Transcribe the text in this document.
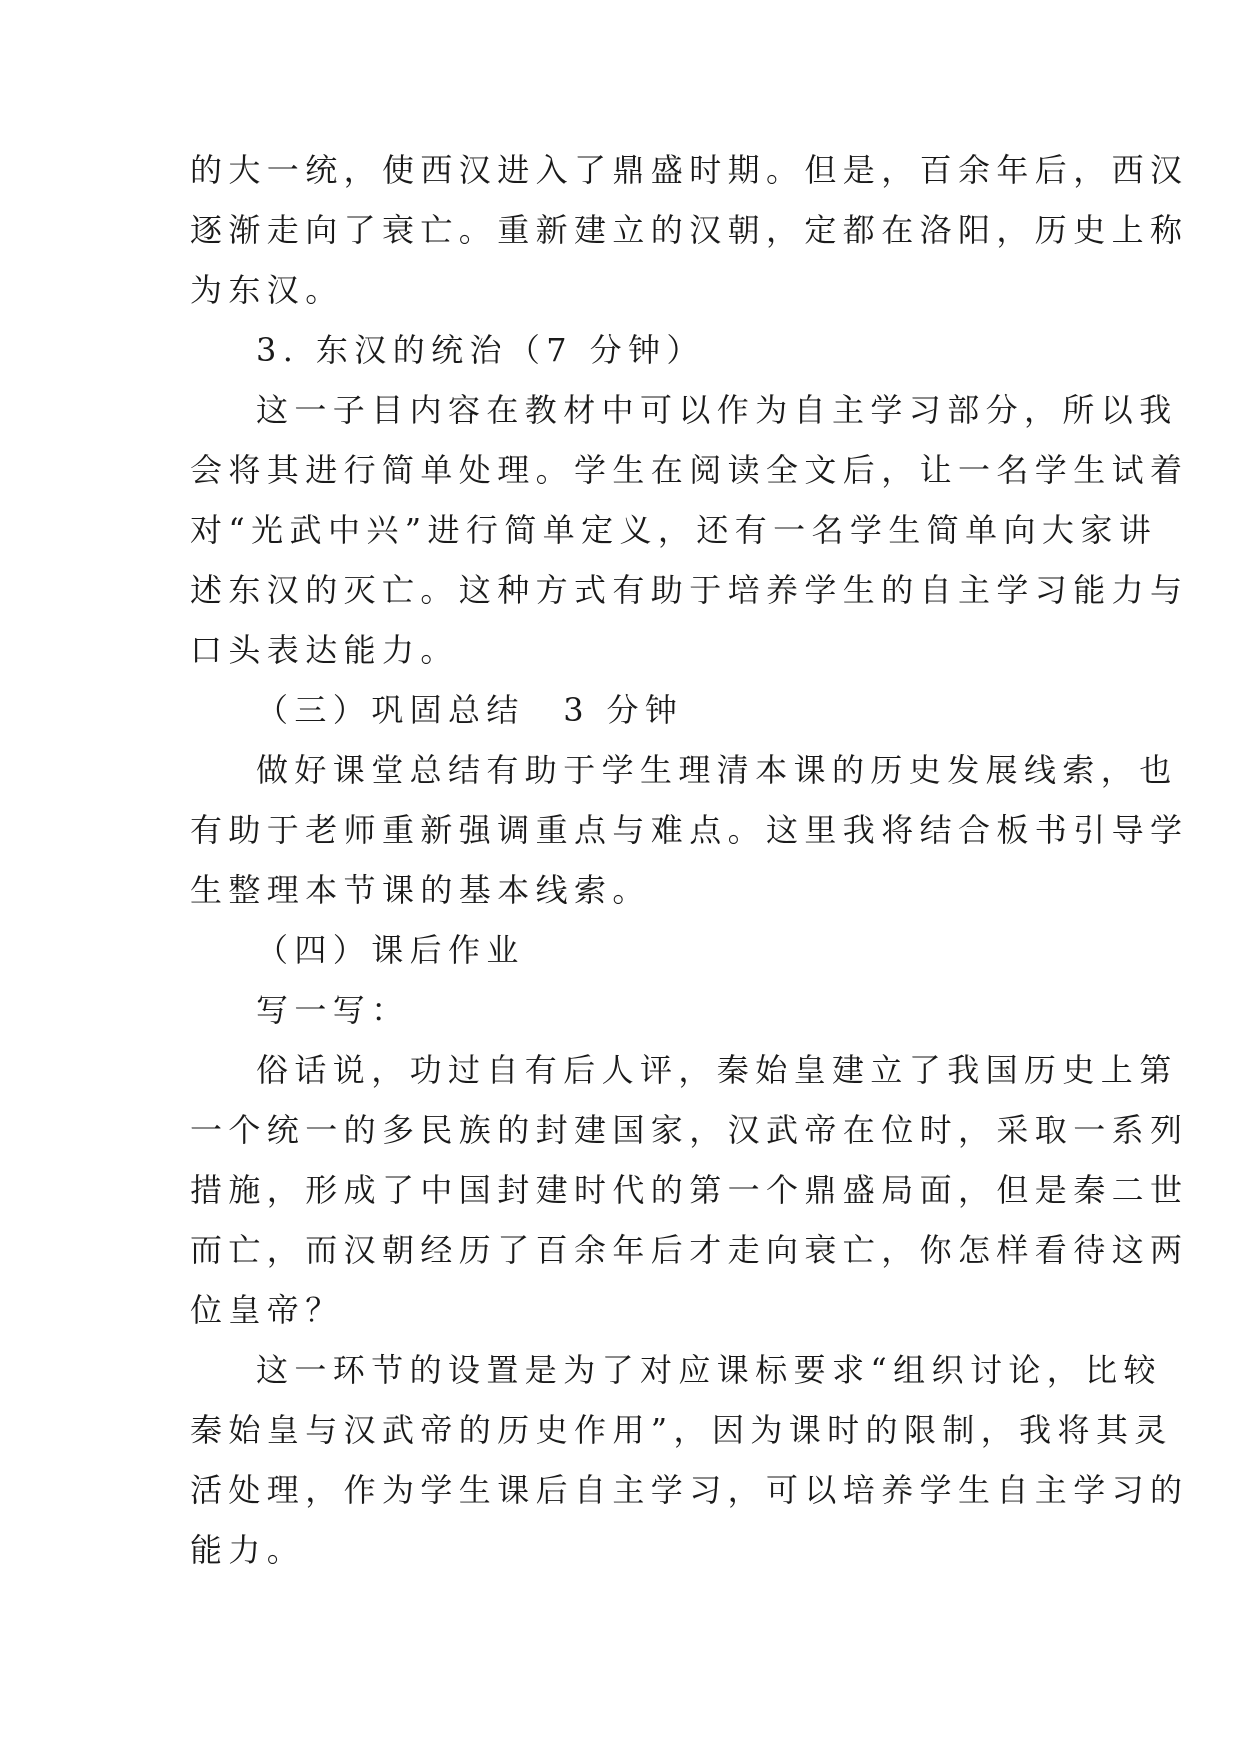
的大一统，使西汉进入了鼎盛时期。但是，百余年后，西汉
逐渐走向了衰亡。重新建立的汉朝，定都在洛阳，历史上称
为东汉。
3. 东汉的统治（7 分钟）
这一子目内容在教材中可以作为自主学习部分，所以我
会将其进行简单处理。学生在阅读全文后，让一名学生试着
对“光武中兴”进行简单定义，还有一名学生简单向大家讲
述东汉的灭亡。这种方式有助于培养学生的自主学习能力与
口头表达能力。
（三）巩固总结　3 分钟
做好课堂总结有助于学生理清本课的历史发展线索，也
有助于老师重新强调重点与难点。这里我将结合板书引导学
生整理本节课的基本线索。
（四）课后作业
写一写：
俗话说，功过自有后人评，秦始皇建立了我国历史上第
一个统一的多民族的封建国家，汉武帝在位时，采取一系列
措施，形成了中国封建时代的第一个鼎盛局面，但是秦二世
而亡，而汉朝经历了百余年后才走向衰亡，你怎样看待这两
位皇帝？
这一环节的设置是为了对应课标要求“组织讨论，比较
秦始皇与汉武帝的历史作用”，因为课时的限制，我将其灵
活处理，作为学生课后自主学习，可以培养学生自主学习的
能力。
